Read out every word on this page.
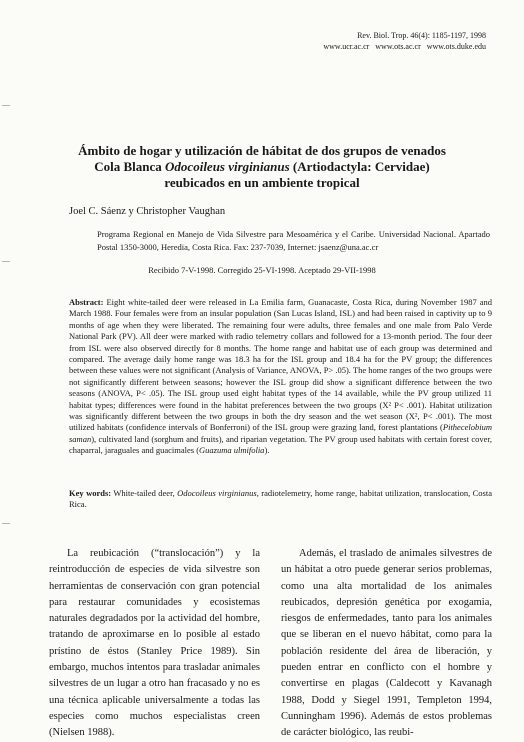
Rev. Biol. Trop. 46(4): 1185-1197, 1998
www.ucr.ac.cr   www.ots.ac.cr   www.ots.duke.edu
Ámbito de hogar y utilización de hábitat de dos grupos de venados
Cola Blanca Odocoileus virginianus (Artiodactyla: Cervidae)
reubicados en un ambiente tropical
Joel C. Sáenz y Christopher Vaughan
Programa Regional en Manejo de Vida Silvestre para Mesoamérica y el Caribe. Universidad Nacional. Apartado Postal 1350-3000, Heredia, Costa Rica. Fax: 237-7039, Internet: jsaenz@una.ac.cr
Recibido 7-V-1998. Corregido 25-VI-1998. Aceptado 29-VII-1998
Abstract: Eight white-tailed deer were released in La Emilia farm, Guanacaste, Costa Rica, during November 1987 and March 1988. Four females were from an insular population (San Lucas Island, ISL) and had been raised in captivity up to 9 months of age when they were liberated. The remaining four were adults, three females and one male from Palo Verde National Park (PV). All deer were marked with radio telemetry collars and followed for a 13-month period. The four deer from ISL were also observed directly for 8 months. The home range and habitat use of each group was determined and compared. The average daily home range was 18.3 ha for the ISL group and 18.4 ha for the PV group; the differences between these values were not significant (Analysis of Variance, ANOVA, P> .05). The home ranges of the two groups were not significantly different between seasons; however the ISL group did show a significant difference between the two seasons (ANOVA, P< .05). The ISL group used eight habitat types of the 14 available, while the PV group utilized 11 habitat types; differences were found in the habitat preferences between the two groups (X² P< .001). Habitat utilization was significantly different between the two groups in both the dry season and the wet season (X², P< .001). The most utilized habitats (confidence intervals of Bonferroni) of the ISL group were grazing land, forest plantations (Pithecelobium saman), cultivated land (sorghum and fruits), and riparian vegetation. The PV group used habitats with certain forest cover, chaparral, jaraguales and guacimales (Guazuma ulmifolia).
Key words: White-tailed deer, Odocoileus virginianus, radiotelemetry, home range, habitat utilization, translocation, Costa Rica.

La reubicación (“translocación”) y la reintroducción de especies de vida silvestre son herramientas de conservación con gran potencial para restaurar comunidades y ecosistemas naturales degradados por la actividad del hombre, tratando de aproximarse en lo posible al estado prístino de éstos (Stanley Price 1989). Sin embargo, muchos intentos para trasladar animales silvestres de un lugar a otro han fracasado y no es una técnica aplicable universalmente a todas las especies como muchos especialistas creen (Nielsen 1988).

Además, el traslado de animales silvestres de un hábitat a otro puede generar serios problemas, como una alta mortalidad de los animales reubicados, depresión genética por exogamia, riesgos de enfermedades, tanto para los animales que se liberan en el nuevo hábitat, como para la población residente del área de liberación, y pueden entrar en conflicto con el hombre y convertirse en plagas (Caldecott y Kavanagh 1988, Dodd y Siegel 1991, Templeton 1994, Cunningham 1996). Además de estos problemas de carácter biológico, las reubi-

—
—
—
